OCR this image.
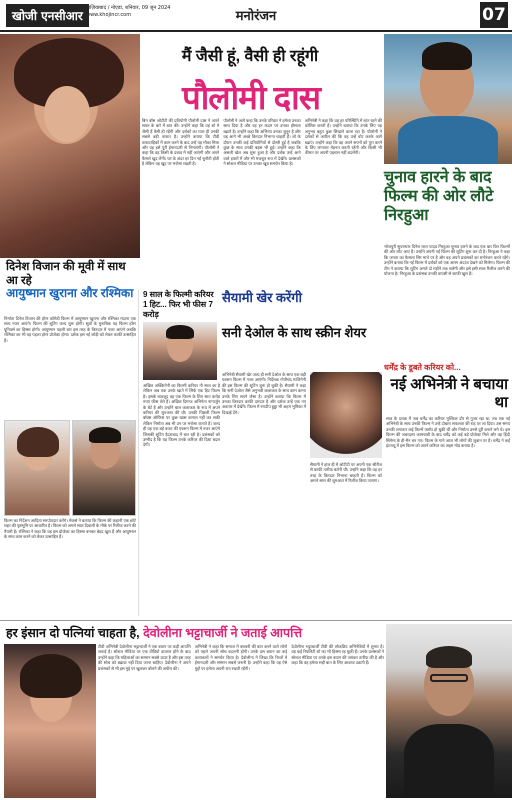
खोजी एनसीआर
गाज़ियाबाद / नोएडा, शनिवार, 09 जून 2024
www.khojincr.com	मनोरंजन	07
मैं जैसी हूं, वैसी ही रहूंगी
पौलोमी दास
बिग बॉस ओटीटी की प्रतियोगी पौलोमी दास ने अपने सफर के बारे में बात की। उन्होंने कहा कि वह शो में जैसी हैं वैसी ही रहेंगी और दर्शकों का प्यार ही उनकी सबसे बड़ी ताकत है। उन्होंने बताया कि टीवी धारावाहिकों में काम करने के बाद उन्हें यह मौका मिला और वह इसे पूरी ईमानदारी से निभाएंगी। पौलोमी ने कहा कि वह किसी के दबाव में नहीं आएंगी और अपने फैसले खुद लेंगी। घर के अंदर हर दिन नई चुनौती होती है लेकिन वह खुद पर भरोसा रखती हैं।
पौलोमी ने आगे कहा कि उनके परिवार ने हमेशा उनका साथ दिया है और वह हर कदम पर उनका हौसला बढ़ाते हैं। उन्होंने कहा कि अभिनय उनका जुनून है और वह आगे भी अच्छे किरदार निभाना चाहती हैं। शो के दौरान उनकी कई प्रतियोगियों से दोस्ती हुई है जबकि कुछ के साथ उनकी बहस भी हुई। उन्होंने कहा कि असली खेल अब शुरू हुआ है और दर्शक उन्हें आने वाले हफ्तों में और भी मजबूत रूप में देखेंगे। प्रशंसकों ने सोशल मीडिया पर उनका खूब समर्थन किया है।
अभिनेत्री ने कहा कि वह हर परिस्थिति में शांत रहने की कोशिश करती हैं। उन्होंने बताया कि उनके लिए यह अनुभव बहुत कुछ सिखाने वाला रहा है। पौलोमी ने दर्शकों से अपील की कि वह उन्हें वोट करके आगे बढ़ाएं। उन्होंने कहा कि वह अपने सपनों को पूरा करने के लिए लगातार मेहनत करती रहेंगी और किसी भी कीमत पर अपनी पहचान नहीं बदलेंगी।
चुनाव हारने के बाद फिल्म की ओर लौटे निरहुआ
भोजपुरी सुपरस्टार दिनेश लाल यादव निरहुआ चुनाव हारने के बाद एक बार फिर फिल्मों की ओर लौट आए हैं। उन्होंने अपनी नई फिल्म की शूटिंग शुरू कर दी है। निरहुआ ने कहा कि जनता का फैसला सिर माथे पर है और वह अपने प्रशंसकों का मनोरंजन करते रहेंगे। उन्होंने बताया कि नई फिल्म में दर्शकों को एक अलग अंदाज देखने को मिलेगा। फिल्म की टीम ने बताया कि शूटिंग अगले दो महीने तक चलेगी और इसे इसी साल रिलीज करने की योजना है। निरहुआ के प्रशंसक उनकी वापसी से काफी खुश हैं।
दिनेश विजान की मूवी में साथ आ रहे
आयुष्मान खुराना और रश्मिका
निर्माता दिनेश विजान की हॉरर कॉमेडी फिल्म में आयुष्मान खुराना और रश्मिका मंदाना एक साथ नजर आएंगे। फिल्म की शूटिंग जल्द शुरू होगी। सूत्रों के मुताबिक यह फिल्म हॉरर यूनिवर्स का हिस्सा होगी। आयुष्मान पहली बार इस तरह के किरदार में नजर आएंगे जबकि रश्मिका का भी यह पहला हॉरर प्रोजेक्ट होगा। दर्शक इस नई जोड़ी को लेकर काफी उत्साहित हैं।
फिल्म का निर्देशन आदित्य सरपोतदार करेंगे। मेकर्स ने बताया कि फिल्म की कहानी एक छोटे शहर की पृष्ठभूमि पर आधारित है। फिल्म को अगले साल दिवाली के मौके पर रिलीज करने की तैयारी है। रश्मिका ने कहा कि वह इस प्रोजेक्ट का हिस्सा बनकर बेहद खुश हैं और आयुष्मान के साथ काम करने को लेकर उत्साहित हैं।
9 साल के फिल्मी करियर 1 हिट... फिर भी फीस 7 करोड़
अखिल अक्किनेनी का फिल्मी करियर नौ साल का है लेकिन अब तक उनके खाते में सिर्फ एक हिट फिल्म है। इसके बावजूद वह एक फिल्म के लिए सात करोड़ रुपए फीस लेते हैं। अखिल दिग्गज अभिनेता नागार्जुन के बेटे हैं और उन्होंने बाल कलाकार के रूप में अपने करियर की शुरुआत की थी। उनकी पिछली फिल्म बॉक्स ऑफिस पर कुछ खास कमाल नहीं कर सकी लेकिन निर्माता अब भी उन पर भरोसा जताते हैं। जल्द ही वह एक बड़े बजट की एक्शन फिल्म में नजर आएंगे जिसकी शूटिंग हैदराबाद में चल रही है। प्रशंसकों को उम्मीद है कि यह फिल्म उनके करियर की दिशा बदल देगी।
सैयामी खेर करेंगी
सनी देओल के साथ स्क्रीन शेयर
अभिनेत्री सैयामी खेर जल्द ही सनी देओल के साथ एक बड़ी एक्शन फिल्म में नजर आएंगी। निर्देशक गोपीचंद मालिनेनी की इस फिल्म की शूटिंग शुरू हो चुकी है। सैयामी ने कहा कि सनी देओल जैसे अनुभवी कलाकार के साथ काम करना उनके लिए सपने जैसा है। उन्होंने बताया कि फिल्म में उनका किरदार काफी दमदार है और दर्शक उन्हें एक नए अवतार में देखेंगे। फिल्म में रणदीप हुड्डा भी अहम भूमिका में दिखाई देंगे।
सैयामी ने हाल ही में ओटीटी पर अपनी एक सीरीज से काफी तारीफ बटोरी थी। उन्होंने कहा कि वह हर तरह के किरदार निभाना चाहती हैं। फिल्म को अगले साल की शुरुआत में रिलीज किया जाएगा।
धर्मेंद्र के डूबते करियर को...
नई अभिनेत्री ने बचाया था
साठ के दशक में जब धर्मेंद्र का करियर मुश्किल दौर से गुजर रहा था, तब एक नई अभिनेत्री के साथ उनकी फिल्म ने उन्हें दोबारा सफलता की राह पर ला दिया। उस समय उनकी लगातार कई फिल्में फ्लॉप हो चुकी थीं और निर्माता उनसे दूरी बनाने लगे थे। इस फिल्म की जबरदस्त कामयाबी के बाद धर्मेंद्र को कई बड़े प्रोजेक्ट मिले और वह हिंदी सिनेमा के ही-मैन बन गए। फिल्म के गाने आज भी लोगों की जुबान पर हैं। धर्मेंद्र ने कई इंटरव्यू में इस फिल्म को अपने करियर का अहम मोड़ बताया है।
हर इंसान दो पत्नियां चाहता है, देवोलीना भट्टाचार्जी ने जताई आपत्ति
टीवी अभिनेत्री देवोलीना भट्टाचार्जी ने एक बयान पर कड़ी आपत्ति जताई है। सोशल मीडिया पर एक वीडियो वायरल होने के बाद उन्होंने कहा कि महिलाओं का सम्मान सबसे ऊपर है और इस तरह की सोच को बढ़ावा नहीं दिया जाना चाहिए। देवोलीना ने अपने प्रशंसकों से भी इस मुद्दे पर खुलकर बोलने की अपील की।
अभिनेत्री ने कहा कि समाज में बराबरी की बात करने वाले लोगों को पहले अपनी सोच बदलनी होगी। उनके इस बयान का कई कलाकारों ने समर्थन किया है। देवोलीना ने लिखा कि रिश्तों में ईमानदारी और सम्मान सबसे जरूरी है। उन्होंने कहा कि वह ऐसे मुद्दों पर हमेशा अपनी राय रखती रहेंगी।
देवोलीना भट्टाचार्जी टीवी की लोकप्रिय अभिनेत्रियों में शुमार हैं। वह कई रियलिटी शो का भी हिस्सा रह चुकी हैं। उनके प्रशंसकों ने सोशल मीडिया पर उनके इस बयान की जमकर तारीफ की है और कहा कि वह हमेशा सही बात के लिए आवाज उठाती हैं।
